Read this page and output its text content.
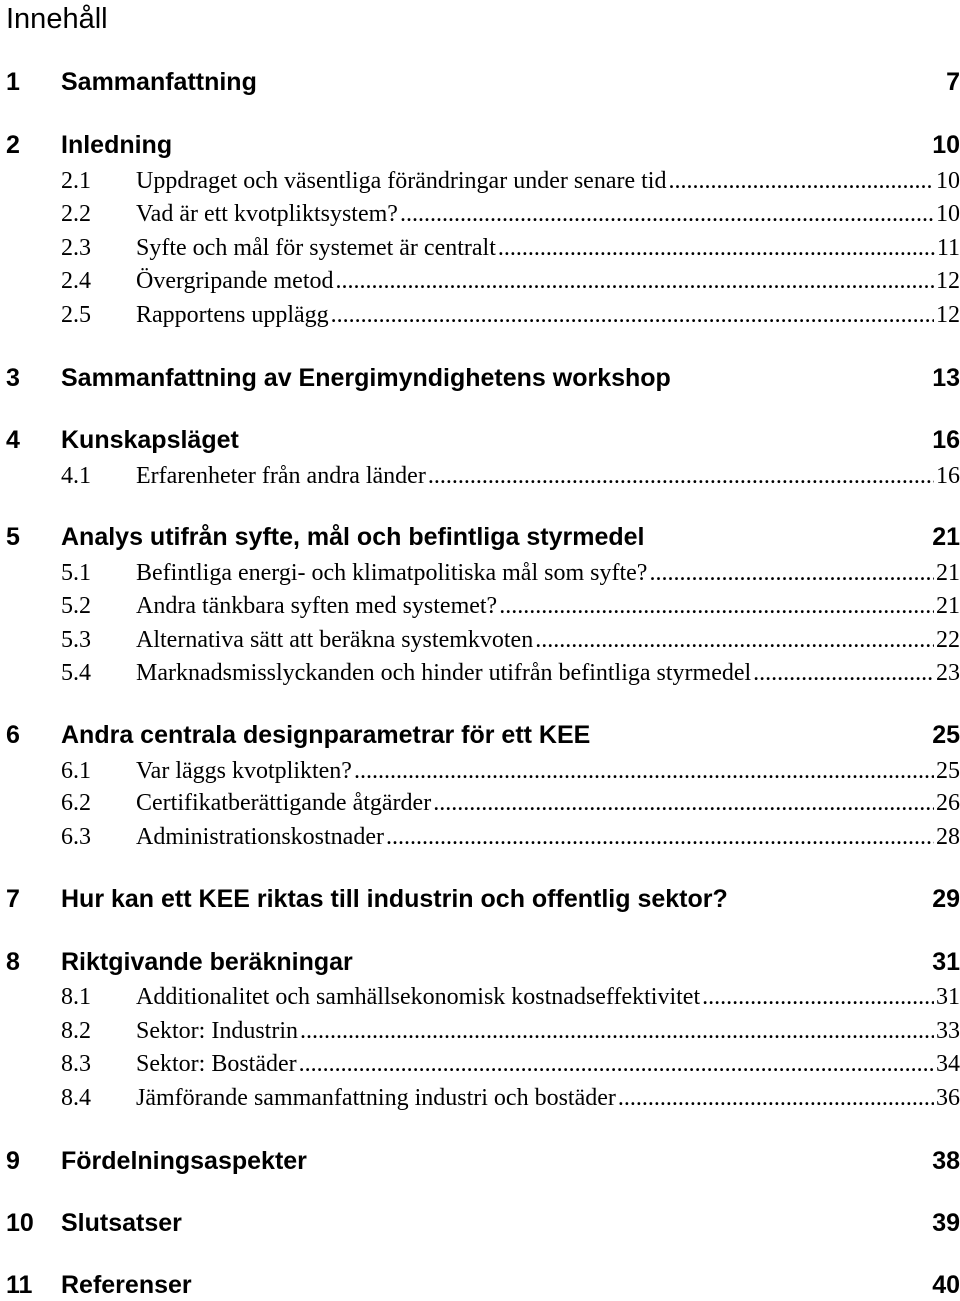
Innehåll
1 Sammanfattning	7
2 Inledning	10
2.1 Uppdraget och väsentliga förändringar under senare tid .....	10
2.2 Vad är ett kvotpliktsystem? .....	10
2.3 Syfte och mål för systemet är centralt .....	11
2.4 Övergripande metod .....	12
2.5 Rapportens upplägg .....	12
3 Sammanfattning av Energimyndighetens workshop	13
4 Kunskapsläget	16
4.1 Erfarenheter från andra länder .....	16
5 Analys utifrån syfte, mål och befintliga styrmedel	21
5.1 Befintliga energi- och klimatpolitiska mål som syfte? .....	21
5.2 Andra tänkbara syften med systemet? .....	21
5.3 Alternativa sätt att beräkna systemkvoten .....	22
5.4 Marknadsmisslyckanden och hinder utifrån befintliga styrmedel .....	23
6 Andra centrala designparametrar för ett KEE	25
6.1 Var läggs kvotplikten? .....	25
6.2 Certifikatberättigande åtgärder .....	26
6.3 Administrationskostnader .....	28
7 Hur kan ett KEE riktas till industrin och offentlig sektor?	29
8 Riktgivande beräkningar	31
8.1 Additionalitet och samhällsekonomisk kostnadseffektivitet .....	31
8.2 Sektor: Industrin .....	33
8.3 Sektor: Bostäder .....	34
8.4 Jämförande sammanfattning industri och bostäder .....	36
9 Fördelningsaspekter	38
10 Slutsatser	39
11 Referenser	40
